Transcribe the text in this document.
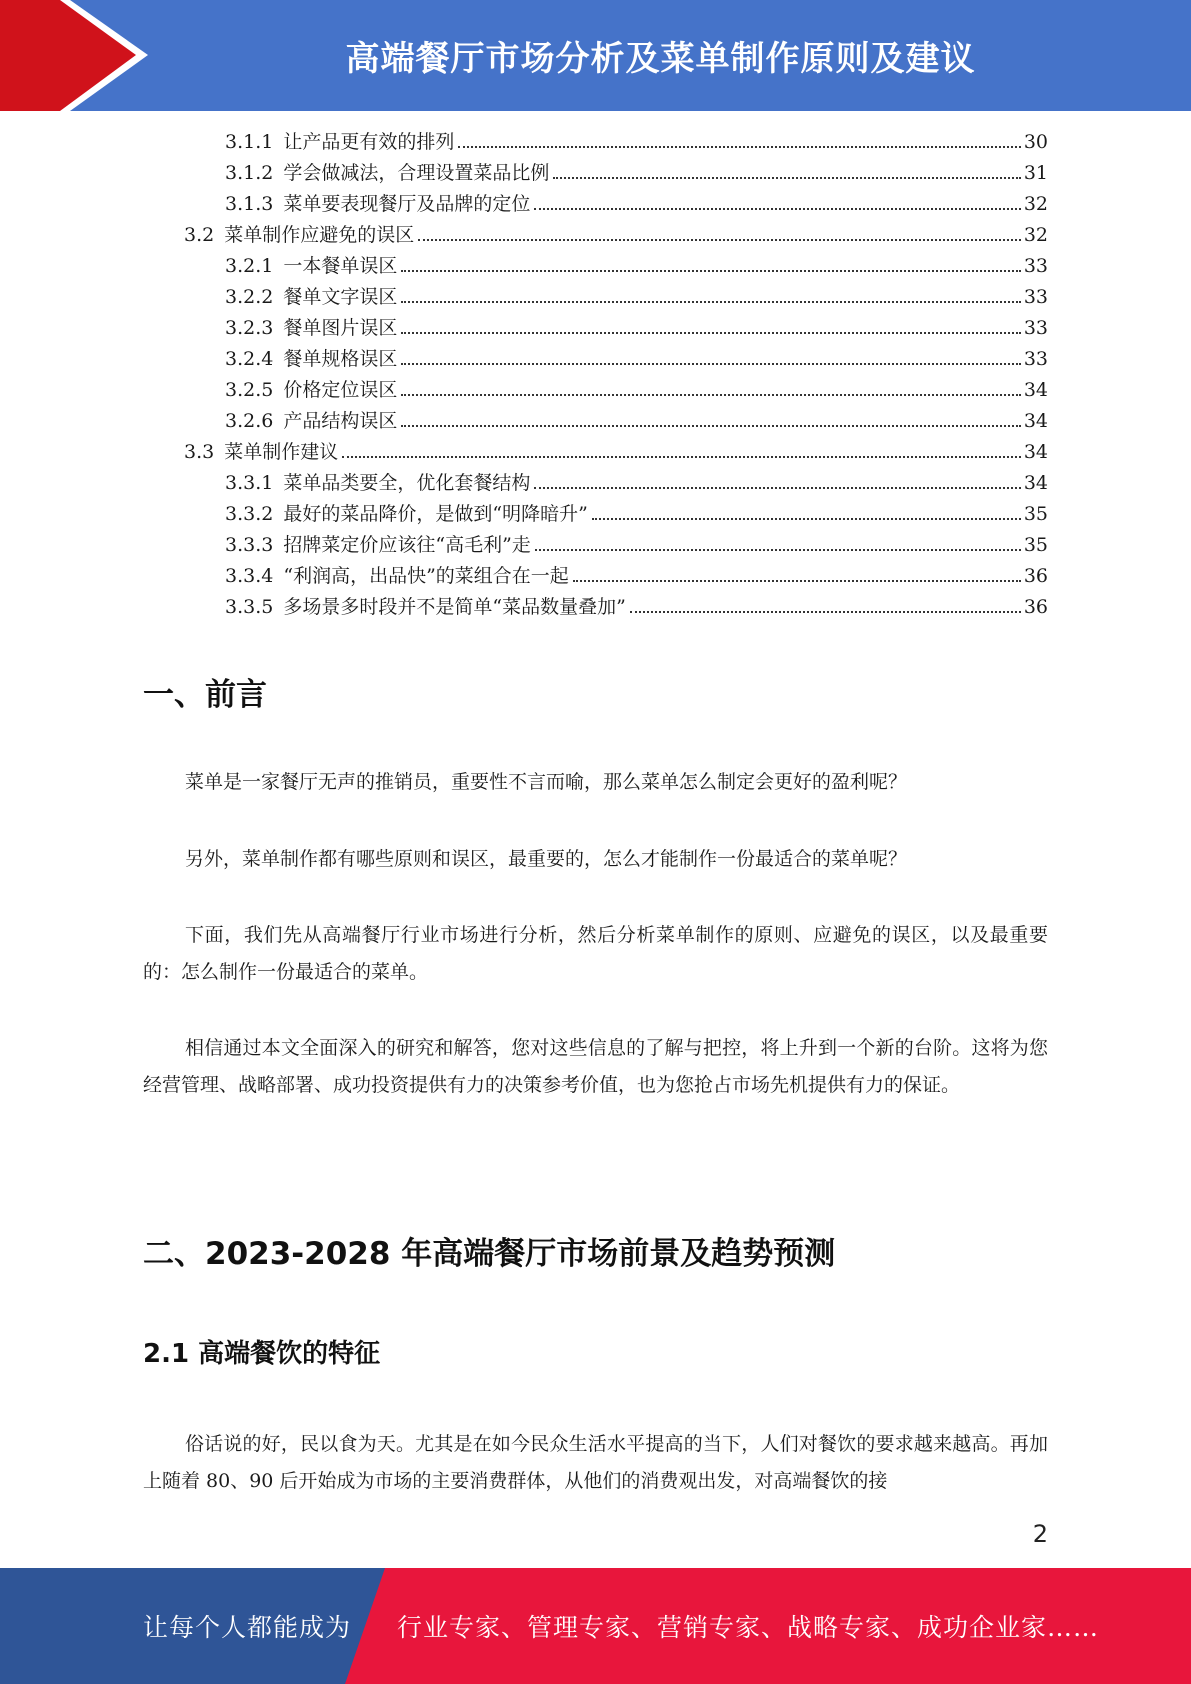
高端餐厅市场分析及菜单制作原则及建议
3.1.1 让产品更有效的排列	30
3.1.2 学会做减法，合理设置菜品比例	31
3.1.3 菜单要表现餐厅及品牌的定位	32
3.2 菜单制作应避免的误区	32
3.2.1 一本餐单误区	33
3.2.2 餐单文字误区	33
3.2.3 餐单图片误区	33
3.2.4 餐单规格误区	33
3.2.5 价格定位误区	34
3.2.6 产品结构误区	34
3.3 菜单制作建议	34
3.3.1 菜单品类要全，优化套餐结构	34
3.3.2 最好的菜品降价，是做到“明降暗升”	35
3.3.3 招牌菜定价应该往“高毛利”走	35
3.3.4 “利润高，出品快”的菜组合在一起	36
3.3.5 多场景多时段并不是简单“菜品数量叠加”	36
一、前言
菜单是一家餐厅无声的推销员，重要性不言而喻，那么菜单怎么制定会更好的盈利呢？
另外，菜单制作都有哪些原则和误区，最重要的，怎么才能制作一份最适合的菜单呢？
下面，我们先从高端餐厅行业市场进行分析，然后分析菜单制作的原则、应避免的误区，以及最重要的：怎么制作一份最适合的菜单。
相信通过本文全面深入的研究和解答，您对这些信息的了解与把控，将上升到一个新的台阶。这将为您经营管理、战略部署、成功投资提供有力的决策参考价值，也为您抢占市场先机提供有力的保证。
二、2023-2028 年高端餐厅市场前景及趋势预测
2.1 高端餐饮的特征
俗话说的好，民以食为天。尤其是在如今民众生活水平提高的当下，人们对餐饮的要求越来越高。再加上随着 80、90 后开始成为市场的主要消费群体，从他们的消费观出发，对高端餐饮的接
2
让每个人都能成为 行业专家、管理专家、营销专家、战略专家、成功企业家……
